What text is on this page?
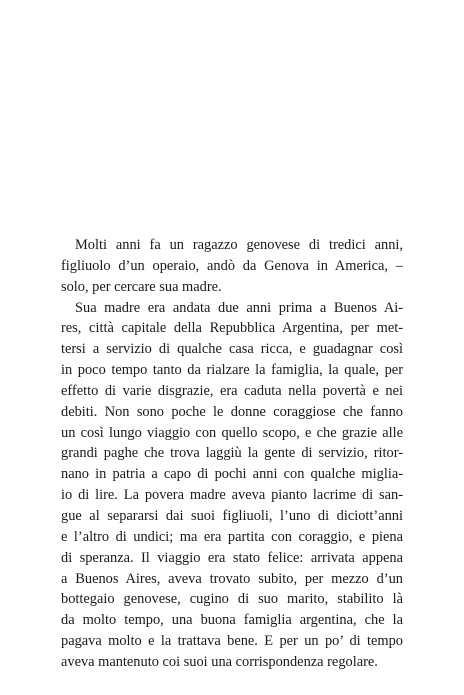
Molti anni fa un ragazzo genovese di tredici anni,
figliuolo d’un operaio, andò da Genova in America, –
solo, per cercare sua madre.

Sua madre era andata due anni prima a Buenos Ai-
res, città capitale della Repubblica Argentina, per met-
tersi a servizio di qualche casa ricca, e guadagnar così
in poco tempo tanto da rialzare la famiglia, la quale, per
effetto di varie disgrazie, era caduta nella povertà e nei
debiti. Non sono poche le donne coraggiose che fanno
un così lungo viaggio con quello scopo, e che grazie alle
grandi paghe che trova laggiù la gente di servizio, ritor-
nano in patria a capo di pochi anni con qualche miglia-
io di lire. La povera madre aveva pianto lacrime di san-
gue al separarsi dai suoi figliuoli, l’uno di diciott’anni
e l’altro di undici; ma era partita con coraggio, e piena
di speranza. Il viaggio era stato felice: arrivata appena
a Buenos Aires, aveva trovato subito, per mezzo d’un
bottegaio genovese, cugino di suo marito, stabilito là
da molto tempo, una buona famiglia argentina, che la
pagava molto e la trattava bene. E per un po’ di tempo
aveva mantenuto coi suoi una corrispondenza regolare.
